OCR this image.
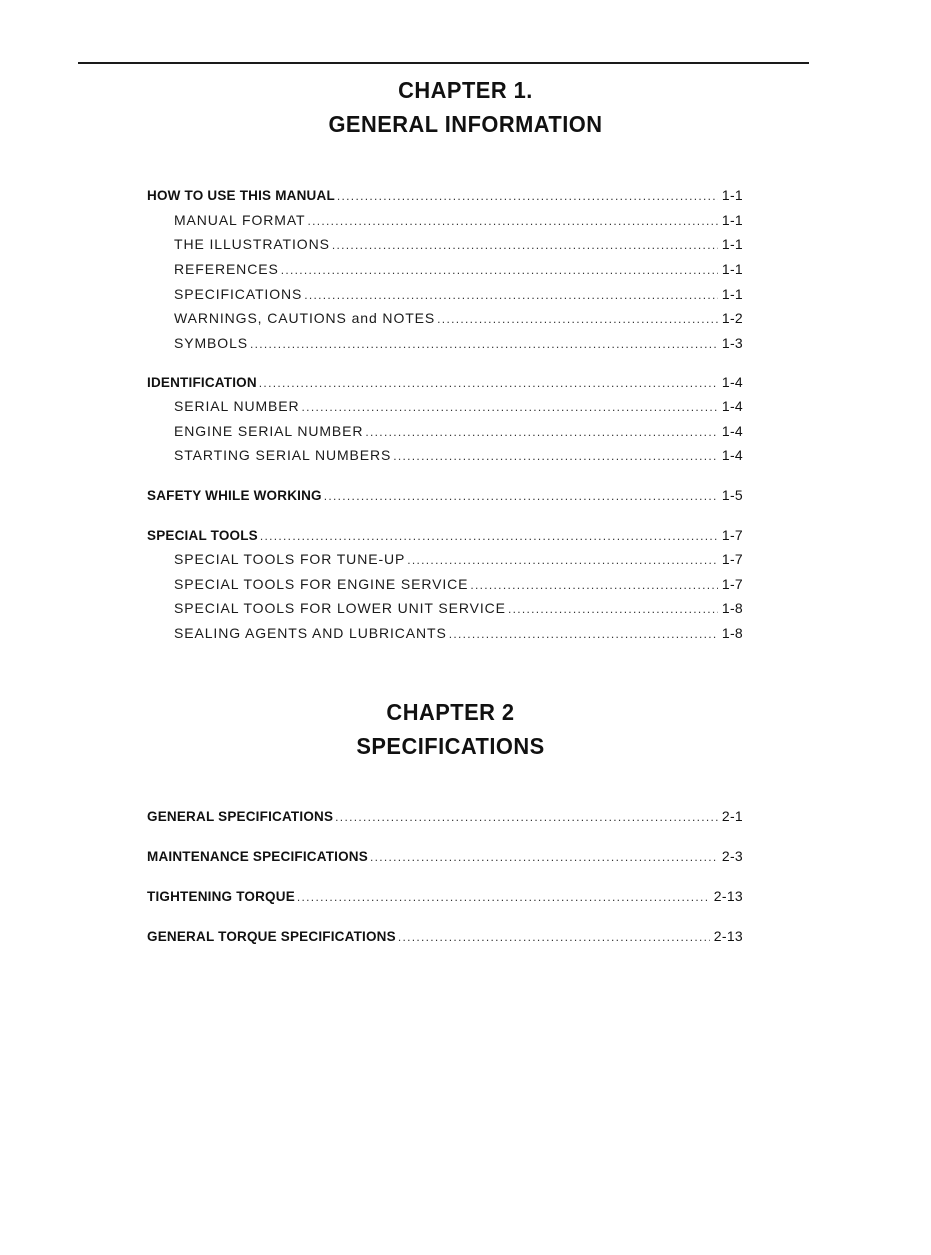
CHAPTER 1.
GENERAL INFORMATION
HOW TO USE THIS MANUAL .....	1-1
MANUAL FORMAT .....	1-1
THE ILLUSTRATIONS .....	1-1
REFERENCES .....	1-1
SPECIFICATIONS .....	1-1
WARNINGS, CAUTIONS and NOTES .....	1-2
SYMBOLS .....	1-3
IDENTIFICATION .....	1-4
SERIAL NUMBER .....	1-4
ENGINE SERIAL NUMBER .....	1-4
STARTING SERIAL NUMBERS .....	1-4
SAFETY WHILE WORKING .....	1-5
SPECIAL TOOLS .....	1-7
SPECIAL TOOLS FOR TUNE-UP .....	1-7
SPECIAL TOOLS FOR ENGINE SERVICE .....	1-7
SPECIAL TOOLS FOR LOWER UNIT SERVICE .....	1-8
SEALING AGENTS AND LUBRICANTS .....	1-8
CHAPTER 2
SPECIFICATIONS
GENERAL SPECIFICATIONS .....	2-1
MAINTENANCE SPECIFICATIONS .....	2-3
TIGHTENING TORQUE .....	2-13
GENERAL TORQUE SPECIFICATIONS .....	2-13
